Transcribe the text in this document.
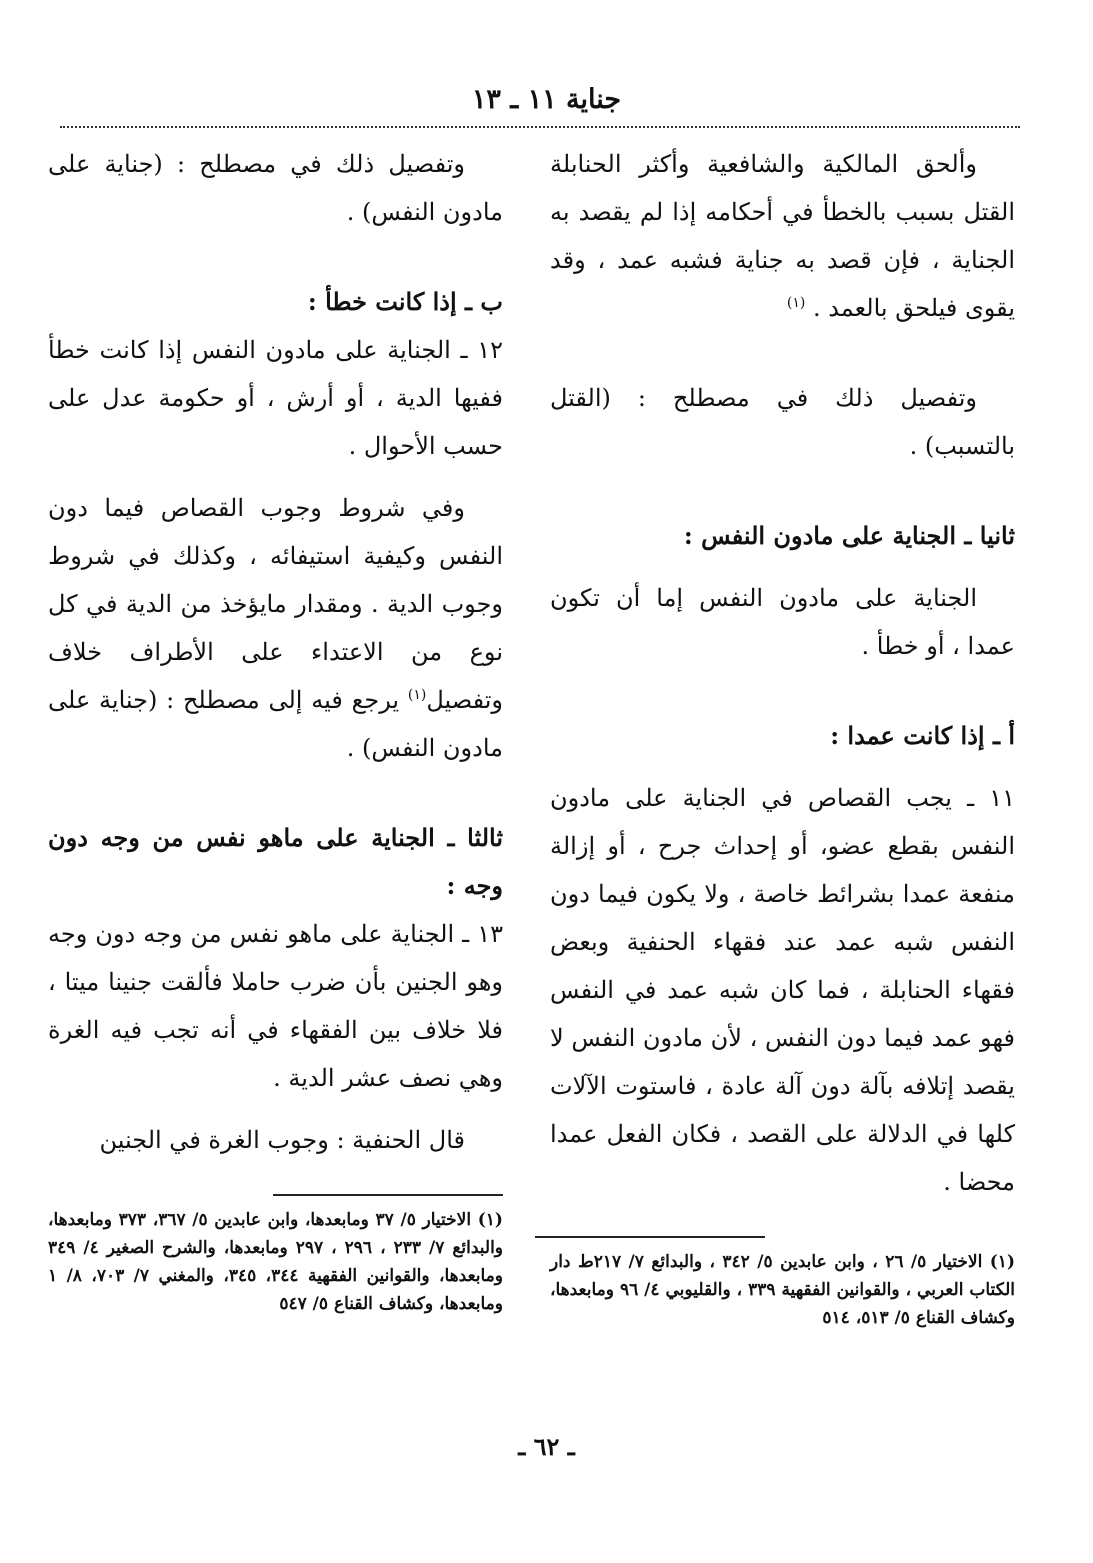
جناية ١١ ـ ١٣

وألحق المالكية والشافعية وأكثر الحنابلة القتل بسبب بالخطأ في أحكامه إذا لم يقصد به الجناية ، فإن قصد به جناية فشبه عمد ، وقد يقوى فيلحق بالعمد . $^{(١)}$

وتفصيل ذلك في مصطلح : (القتل بالتسبب) .

ثانيا ـ الجناية على مادون النفس :

الجناية على مادون النفس إما أن تكون عمدا ، أو خطأ .

أ ـ إذا كانت عمدا :

١١ ـ يجب القصاص في الجناية على مادون النفس بقطع عضو، أو إحداث جرح ، أو إزالة منفعة عمدا بشرائط خاصة ، ولا يكون فيما دون النفس شبه عمد عند فقهاء الحنفية وبعض فقهاء الحنابلة ، فما كان شبه عمد في النفس فهو عمد فيما دون النفس ، لأن مادون النفس لا يقصد إتلافه بآلة دون آلة عادة ، فاستوت الآلات كلها في الدلالة على القصد ، فكان الفعل عمدا محضا .

(١) الاختيار ٥/ ٢٦ ، وابن عابدين ٥/ ٣٤٢ ، والبدائع ٧/ ٢١٧ط دار الكتاب العربي ، والقوانين الفقهية ٣٣٩ ، والقليوبي ٤/ ٩٦ ومابعدها، وكشاف القناع ٥/ ٥١٣، ٥١٤

وتفصيل ذلك في مصطلح : (جناية على مادون النفس) .

ب ـ إذا كانت خطأ :

١٢ ـ الجناية على مادون النفس إذا كانت خطأ ففيها الدية ، أو أرش ، أو حكومة عدل على حسب الأحوال .

وفي شروط وجوب القصاص فيما دون النفس وكيفية استيفائه ، وكذلك في شروط وجوب الدية . ومقدار مايؤخذ من الدية في كل نوع من الاعتداء على الأطراف خلاف وتفصيل$^{(١)}$ يرجع فيه إلى مصطلح : (جناية على مادون النفس) .

ثالثا ـ الجناية على ماهو نفس من وجه دون وجه :

١٣ ـ الجناية على ماهو نفس من وجه دون وجه وهو الجنين بأن ضرب حاملا فألقت جنينا ميتا ، فلا خلاف بين الفقهاء في أنه تجب فيه الغرة وهي نصف عشر الدية .

قال الحنفية : وجوب الغرة في الجنين

(١) الاختيار ٥/ ٣٧ ومابعدها، وابن عابدين ٥/ ٣٦٧، ٣٧٣ ومابعدها، والبدائع ٧/ ٢٣٣ ، ٢٩٦ ، ٢٩٧ ومابعدها، والشرح الصغير ٤/ ٣٤٩ ومابعدها، والقوانين الفقهية ٣٤٤، ٣٤٥، والمغني ٧/ ٧٠٣، ٨/ ١ ومابعدها، وكشاف القناع ٥/ ٥٤٧

ـ ٦٢ ـ
